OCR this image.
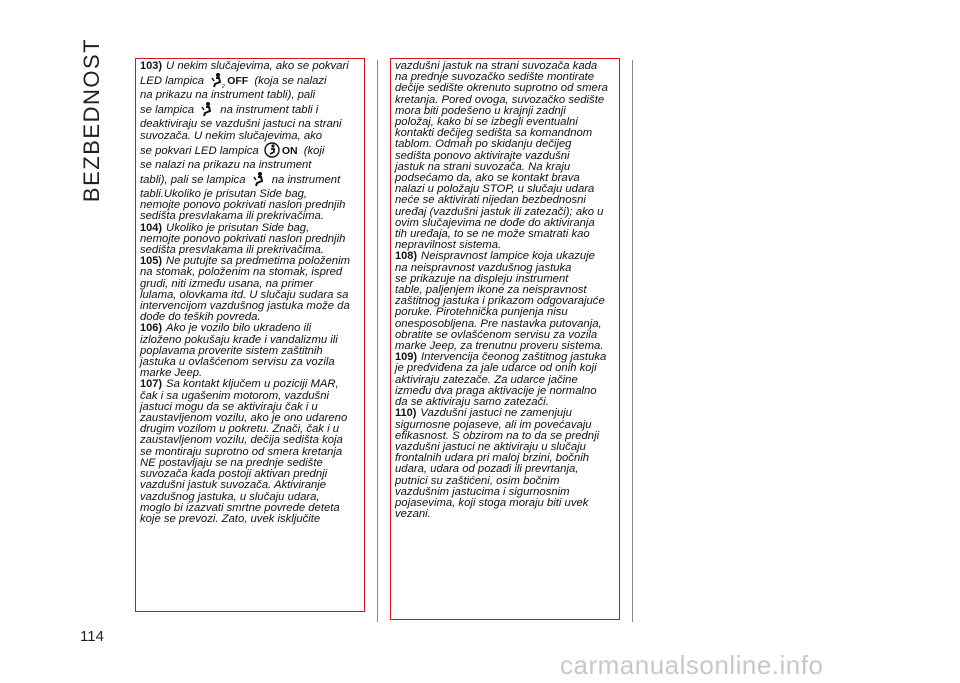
BEZBEDNOST	103) U nekim slučajevima, ako se pokvari

LED lampica	2 OFF (koja se nalazi
na prikazu na instrument tabli), pali

se lampica na instrument tabli i
deaktiviraju se vazdušni jastuci na strani
suvozača. U nekim slučajevima, ako

se pokvari LED lampica ON (koji
se nalazi na prikazu na instrument

tabli), pali se lampica na instrument
tabli.Ukoliko je prisutan Side bag,
nemojte ponovo pokrivati naslon prednjih
sedišta presvlakama ili prekrivačima.
104) Ukoliko je prisutan Side bag,
nemojte ponovo pokrivati naslon prednjih
sedišta presvlakama ili prekrivačima.
105) Ne putujte sa predmetima položenim
na stomak, položenim na stomak, ispred
grudi, niti između usana, na primer
lulama, olovkama itd. U slučaju sudara sa
intervencijom vazdušnog jastuka može da
dođe do teških povreda.
106) Ako je vozilo bilo ukradeno ili
izloženo pokušaju krađe i vandalizmu ili
poplavama proverite sistem zaštitnih
jastuka u ovlašćenom servisu za vozila
marke Jeep.
107) Sa kontakt ključem u poziciji MAR,
čak i sa ugašenim motorom, vazdušni
jastuci mogu da se aktiviraju čak i u
zaustavljenom vozilu, ako je ono udareno
drugim vozilom u pokretu. Znači, čak i u
zaustavljenom vozilu, dečija sedišta koja
se montiraju suprotno od smera kretanja
NE postavljaju se na prednje sedište
suvozača kada postoji aktivan prednji
vazdušni jastuk suvozača. Aktiviranje
vazdušnog jastuka, u slučaju udara,
moglo bi izazvati smrtne povrede deteta
koje se prevozi. Zato, uvek isključite
vazdušni jastuk na strani suvozača kada
na prednje suvozačko sedište montirate
dečije sedište okrenuto suprotno od smera
kretanja. Pored ovoga, suvozačko sedište
mora biti podešeno u krajnji zadnji
položaj, kako bi se izbegli eventualni
kontakti dečijeg sedišta sa komandnom
tablom. Odmah po skidanju dečijeg
sedišta ponovo aktivirajte vazdušni
jastuk na strani suvozača. Na kraju
podsećamo da, ako se kontakt brava
nalazi u položaju STOP, u slučaju udara
neće se aktivirati nijedan bezbednosni
uređaj (vazdušni jastuk ili zatezači); ako u
ovim slučajevima ne dođe do aktiviranja
tih uređaja, to se ne može smatrati kao
nepravilnost sistema.
108) Neispravnost lampice koja ukazuje
na neispravnost vazdušnog jastuka
se prikazuje na displeju instrument
table, paljenjem ikone za neispravnost
zaštitnog jastuka i prikazom odgovarajuće
poruke. Pirotehnička punjenja nisu
onesposobljena. Pre nastavka putovanja,
obratite se ovlašćenom servisu za vozila
marke Jeep, za trenutnu proveru sistema.
109) Intervencija čeonog zaštitnog jastuka
je predviđena za jale udarce od onih koji
aktiviraju zatezače. Za udarce jačine
između dva praga aktivacije je normalno
da se aktiviraju samo zatezači.
110) Vazdušni jastuci ne zamenjuju
sigurnosne pojaseve, ali im povećavaju
efikasnost. S obzirom na to da se prednji
vazdušni jastuci ne aktiviraju u slučaju
frontalnih udara pri maloj brzini, bočnih
udara, udara od pozadi ili prevrtanja,
putnici su zaštićeni, osim bočnim
vazdušnim jastucima i sigurnosnim
pojasevima, koji stoga moraju biti uvek
vezani.
114
carmanualsonline.info
